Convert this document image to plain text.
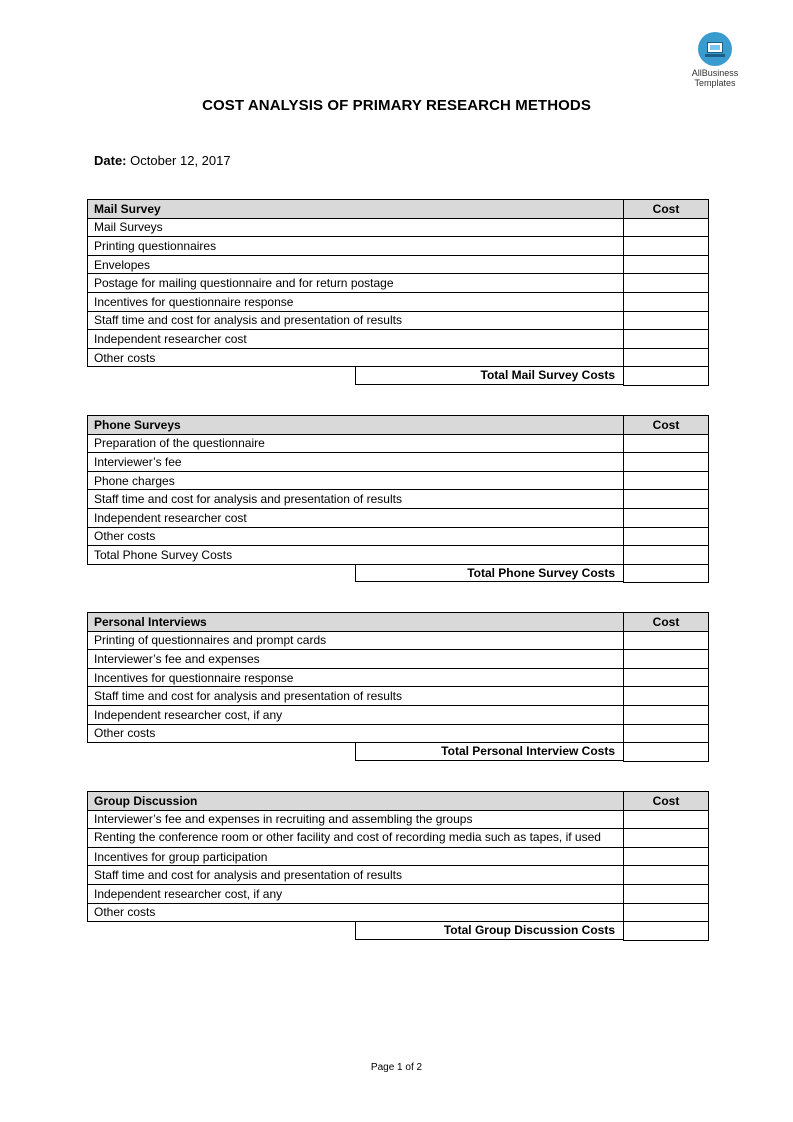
AllBusiness
Templates
COST ANALYSIS OF PRIMARY RESEARCH METHODS
Date: October 12, 2017
Mail Survey	Cost
Mail Surveys	
Printing questionnaires	
Envelopes	
Postage for mailing questionnaire and for return postage	
Incentives for questionnaire response	
Staff time and cost for analysis and presentation of results	
Independent researcher cost	
Other costs	

Total Mail Survey Costs	

Phone Surveys	Cost
Preparation of the questionnaire	
Interviewer’s fee	
Phone charges	
Staff time and cost for analysis and presentation of results	
Independent researcher cost	
Other costs	
Total Phone Survey Costs	

Total Phone Survey Costs	

Personal Interviews	Cost
Printing of questionnaires and prompt cards	
Interviewer’s fee and expenses	
Incentives for questionnaire response	
Staff time and cost for analysis and presentation of results	
Independent researcher cost, if any	
Other costs	

Total Personal Interview Costs	

Group Discussion	Cost
Interviewer’s fee and expenses in recruiting and assembling the groups	
Renting the conference room or other facility and cost of recording media such as tapes, if used	
Incentives for group participation	
Staff time and cost for analysis and presentation of results	
Independent researcher cost, if any	
Other costs	

Total Group Discussion Costs	

Page 1 of 2
